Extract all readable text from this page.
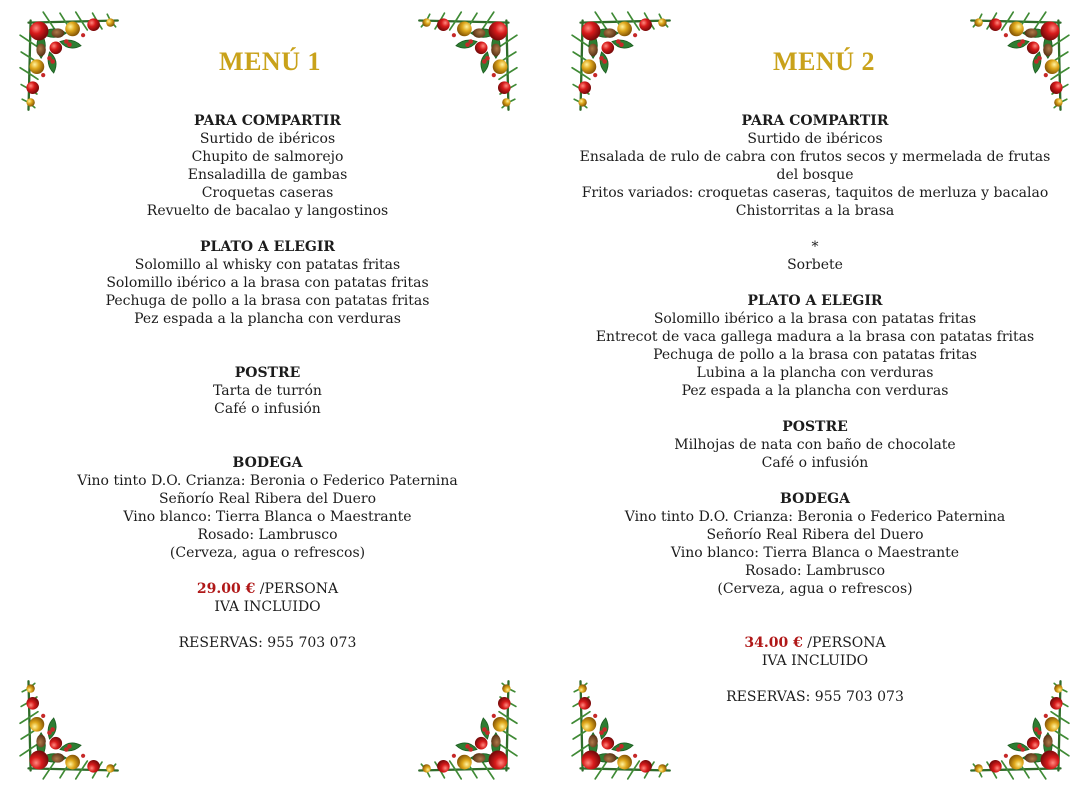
MENÚ 1
PARA COMPARTIR
Surtido de ibéricos
Chupito de salmorejo
Ensaladilla de gambas
Croquetas caseras
Revuelto de bacalao y langostinos
PLATO A ELEGIR
Solomillo al whisky con patatas fritas
Solomillo ibérico a la brasa con patatas fritas
Pechuga de pollo a la brasa con patatas fritas
Pez espada a la plancha con verduras
POSTRE
Tarta de turrón
Café o infusión
BODEGA
Vino tinto D.O. Crianza: Beronia o Federico Paternina
Señorío Real Ribera del Duero
Vino blanco: Tierra Blanca o Maestrante
Rosado: Lambrusco
(Cerveza, agua o refrescos)
29.00 € /PERSONA
IVA INCLUIDO
RESERVAS: 955 703 073
MENÚ 2
PARA COMPARTIR
Surtido de ibéricos
Ensalada de rulo de cabra con frutos secos y mermelada de frutas del bosque
Fritos variados: croquetas caseras, taquitos de merluza y bacalao
Chistorritas a la brasa
*
Sorbete
PLATO A ELEGIR
Solomillo ibérico a la brasa con patatas fritas
Entrecot de vaca gallega madura a la brasa con patatas fritas
Pechuga de pollo a la brasa con patatas fritas
Lubina a la plancha con verduras
Pez espada a la plancha con verduras
POSTRE
Milhojas de nata con baño de chocolate
Café o infusión
BODEGA
Vino tinto D.O. Crianza: Beronia o Federico Paternina
Señorío Real Ribera del Duero
Vino blanco: Tierra Blanca o Maestrante
Rosado: Lambrusco
(Cerveza, agua o refrescos)
34.00 € /PERSONA
IVA INCLUIDO
RESERVAS: 955 703 073
